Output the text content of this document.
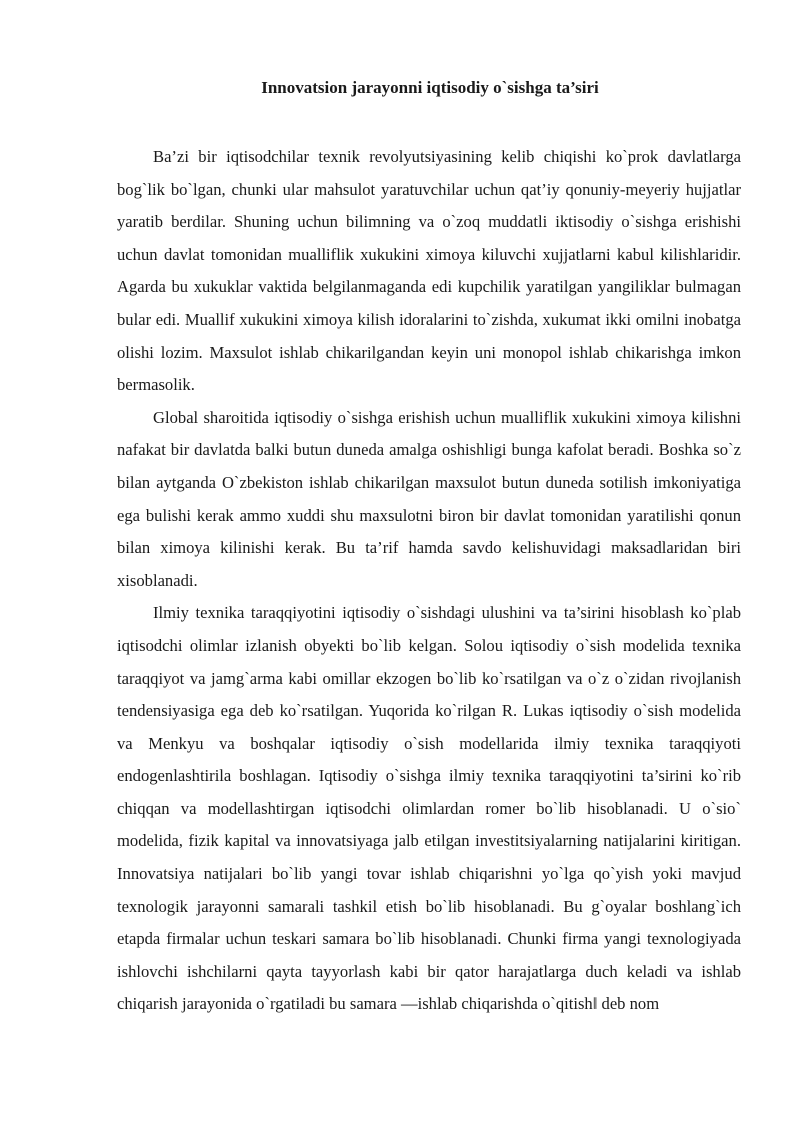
Innovatsion jarayonni iqtisodiy o`sishga ta’siri

Ba’zi bir iqtisodchilar texnik revolyutsiyasining kelib chiqishi ko`prok davlatlarga bog`lik bo`lgan, chunki ular mahsulot yaratuvchilar uchun qat’iy qonuniy-meyeriy hujjatlar yaratib berdilar. Shuning uchun bilimning va o`zoq muddatli iktisodiy o`sishga erishishi uchun davlat tomonidan mualliflik xukukini ximoya kiluvchi xujjatlarni kabul kilishlaridir. Agarda bu xukuklar vaktida belgilanmaganda edi kupchilik yaratilgan yangiliklar bulmagan bular edi. Muallif xukukini ximoya kilish idoralarini to`zishda, xukumat ikki omilni inobatga olishi lozim. Maxsulot ishlab chikarilgandan keyin uni monopol ishlab chikarishga imkon bermasolik.

Global sharoitida iqtisodiy o`sishga erishish uchun mualliflik xukukini ximoya kilishni nafakat bir davlatda balki butun duneda amalga oshishligi bunga kafolat beradi. Boshka so`z bilan aytganda O`zbekiston ishlab chikarilgan maxsulot butun duneda sotilish imkoniyatiga ega bulishi kerak ammo xuddi shu maxsulotni biron bir davlat tomonidan yaratilishi qonun bilan ximoya kilinishi kerak. Bu ta’rif hamda savdo kelishuvidagi maksadlaridan biri xisoblanadi.

Ilmiy texnika taraqqiyotini iqtisodiy o`sishdagi ulushini va ta’sirini hisoblash ko`plab iqtisodchi olimlar izlanish obyekti bo`lib kelgan. Solou iqtisodiy o`sish modelida texnika taraqqiyot va jamg`arma kabi omillar ekzogen bo`lib ko`rsatilgan va o`z o`zidan rivojlanish tendensiyasiga ega deb ko`rsatilgan. Yuqorida ko`rilgan R. Lukas iqtisodiy o`sish modelida va Menkyu va boshqalar iqtisodiy o`sish modellarida ilmiy texnika taraqqiyoti endogenlashtirila boshlagan. Iqtisodiy o`sishga ilmiy texnika taraqqiyotini ta’sirini ko`rib chiqqan va modellashtirgan iqtisodchi olimlardan romer bo`lib hisoblanadi. U o`sio` modelida, fizik kapital va innovatsiyaga jalb etilgan investitsiyalarning natijalarini kiritigan. Innovatsiya natijalari bo`lib yangi tovar ishlab chiqarishni yo`lga qo`yish yoki mavjud texnologik jarayonni samarali tashkil etish bo`lib hisoblanadi. Bu g`oyalar boshlang`ich etapda firmalar uchun teskari samara bo`lib hisoblanadi. Chunki firma yangi texnologiyada ishlovchi ishchilarni qayta tayyorlash kabi bir qator harajatlarga duch keladi va ishlab chiqarish jarayonida o`rgatiladi bu samara ―ishlab chiqarishda o`qitish‖ deb nom
